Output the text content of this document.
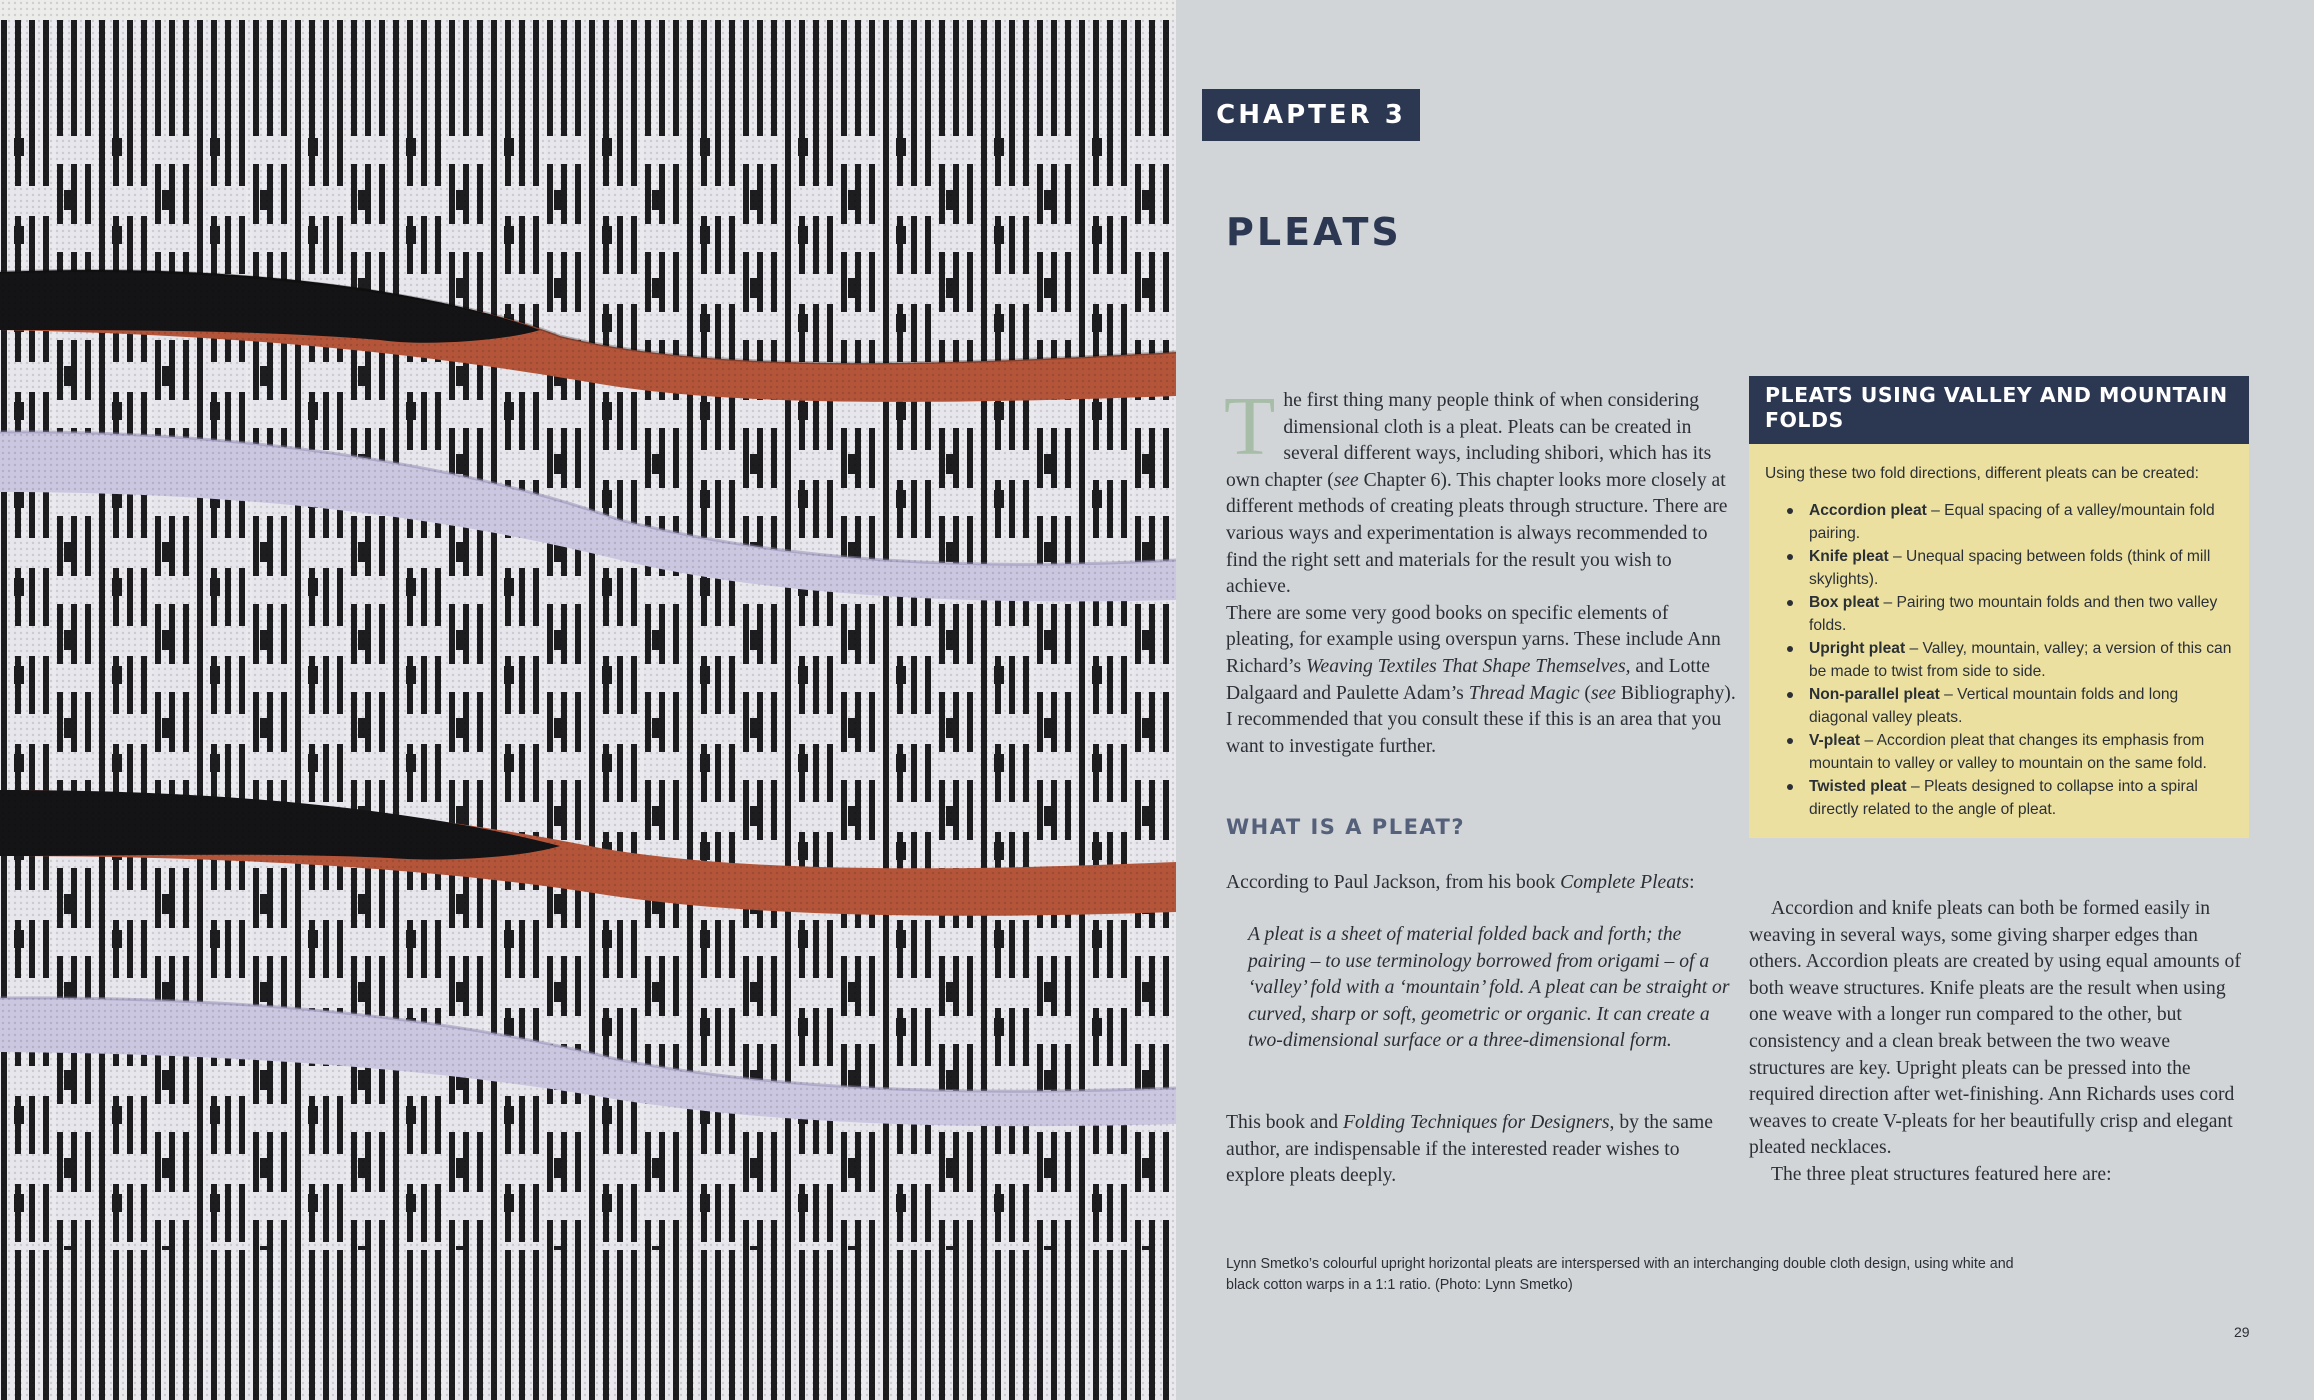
CHAPTER 3
PLEATS

The first thing many people think of when considering dimensional cloth is a pleat. Pleats can be created in several different ways, including shibori, which has its own chapter (see Chapter 6). This chapter looks more closely at different methods of creating pleats through structure. There are various ways and experimentation is always recommended to find the right sett and materials for the result you wish to achieve.

There are some very good books on specific elements of pleating, for example using overspun yarns. These include Ann Richard’s Weaving Textiles That Shape Themselves, and Lotte Dalgaard and Paulette Adam’s Thread Magic (see Bibliography). I recommended that you consult these if this is an area that you want to investigate further.

WHAT IS A PLEAT?

According to Paul Jackson, from his book Complete Pleats:

A pleat is a sheet of material folded back and forth; the pairing – to use terminology borrowed from origami – of a ‘valley’ fold with a ‘mountain’ fold. A pleat can be straight or curved, sharp or soft, geometric or organic. It can create a two-dimensional surface or a three-dimensional form.

This book and Folding Techniques for Designers, by the same author, are indispensable if the interested reader wishes to explore pleats deeply.

PLEATS USING VALLEY AND MOUNTAIN FOLDS

Using these two fold directions, different pleats can be created:

Accordion pleat – Equal spacing of a valley/mountain fold pairing.
Knife pleat – Unequal spacing between folds (think of mill skylights).
Box pleat – Pairing two mountain folds and then two valley folds.
Upright pleat – Valley, mountain, valley; a version of this can be made to twist from side to side.
Non-parallel pleat – Vertical mountain folds and long diagonal valley pleats.
V-pleat – Accordion pleat that changes its emphasis from mountain to valley or valley to mountain on the same fold.
Twisted pleat – Pleats designed to collapse into a spiral directly related to the angle of pleat.

Accordion and knife pleats can both be formed easily in weaving in several ways, some giving sharper edges than others. Accordion pleats are created by using equal amounts of both weave structures. Knife pleats are the result when using one weave with a longer run compared to the other, but consistency and a clean break between the two weave structures are key. Upright pleats can be pressed into the required direction after wet-finishing. Ann Richards uses cord weaves to create V-pleats for her beautifully crisp and elegant pleated necklaces.

The three pleat structures featured here are:

Lynn Smetko’s colourful upright horizontal pleats are interspersed with an interchanging double cloth design, using white and black cotton warps in a 1:1 ratio. (Photo: Lynn Smetko)
29
